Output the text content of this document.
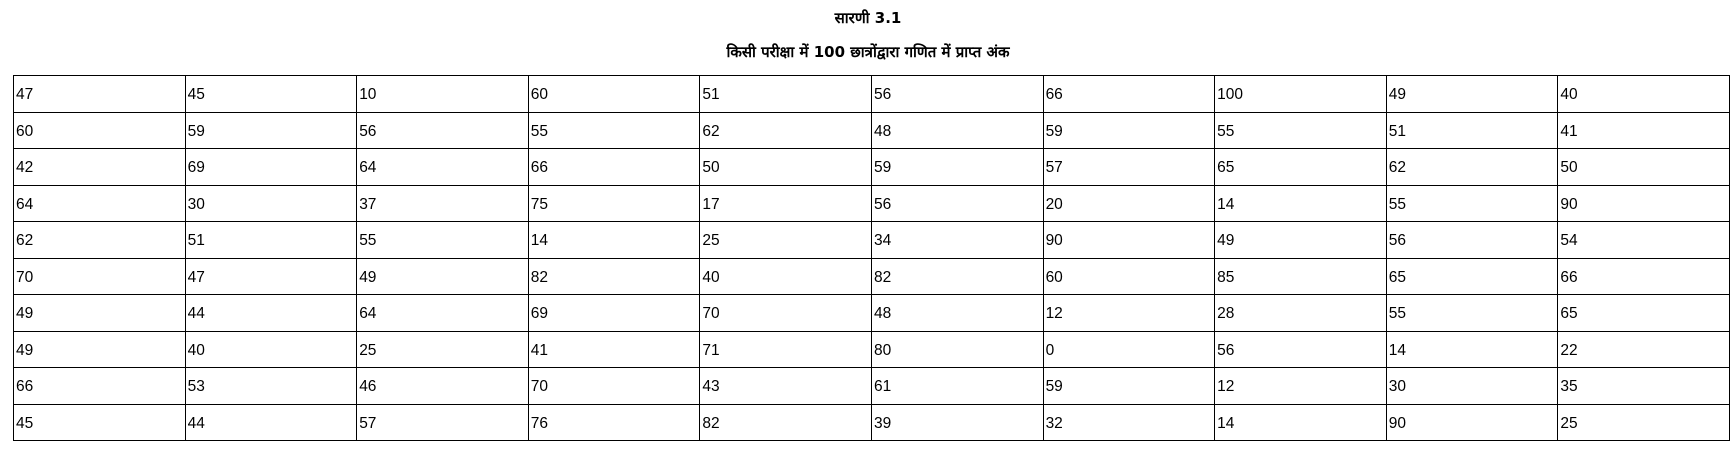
सारणी 3.1

किसी परीक्षा में 100 छात्रोंद्वारा गणित में प्राप्त अंक

47	45	10	60	51	56	66	100	49	40
60	59	56	55	62	48	59	55	51	41
42	69	64	66	50	59	57	65	62	50
64	30	37	75	17	56	20	14	55	90
62	51	55	14	25	34	90	49	56	54
70	47	49	82	40	82	60	85	65	66
49	44	64	69	70	48	12	28	55	65
49	40	25	41	71	80	0	56	14	22
66	53	46	70	43	61	59	12	30	35
45	44	57	76	82	39	32	14	90	25
